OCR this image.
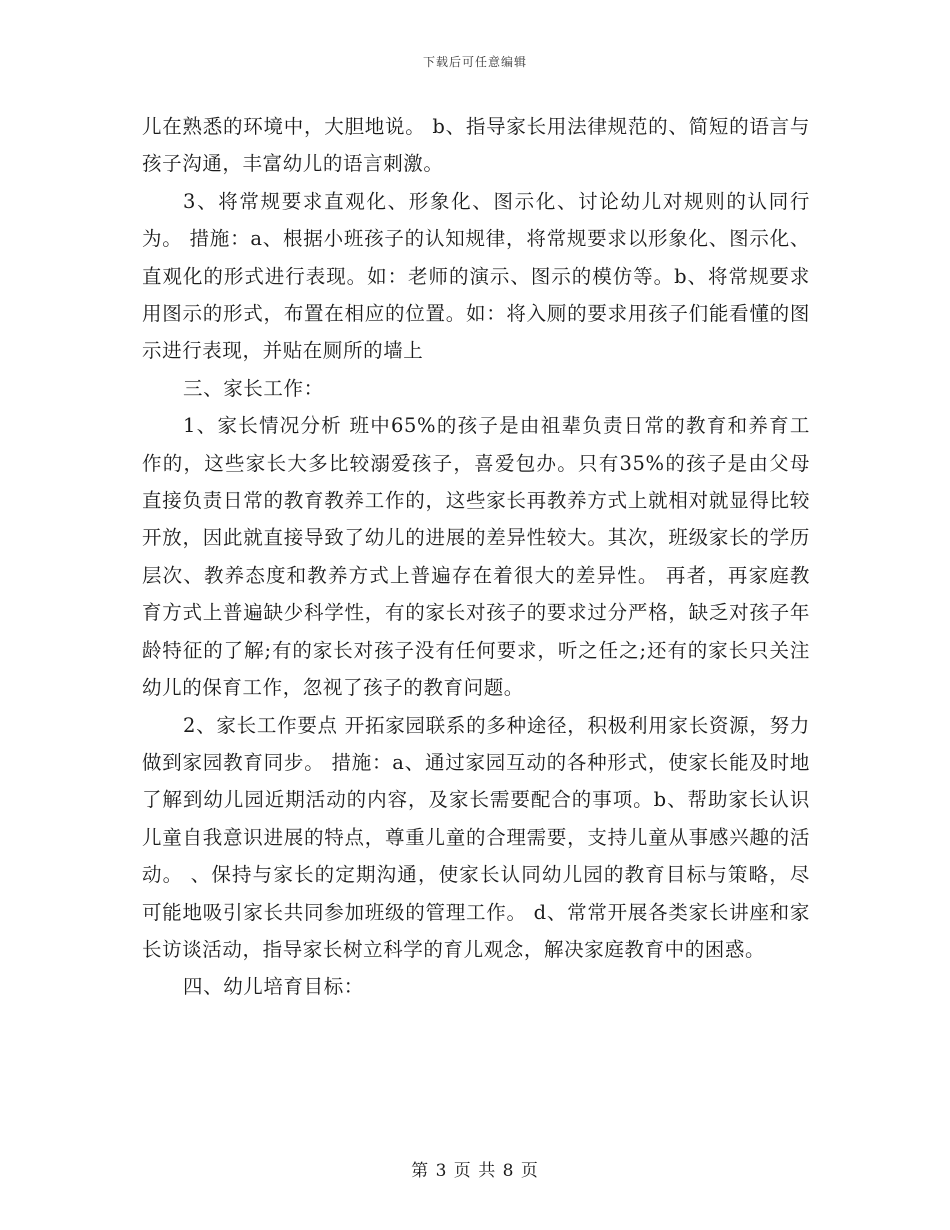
下载后可任意编辑

儿在熟悉的环境中，大胆地说。 b、指导家长用法律规范的、简短的语言与孩子沟通，丰富幼儿的语言刺激。

3、将常规要求直观化、形象化、图示化、讨论幼儿对规则的认同行为。 措施：a、根据小班孩子的认知规律，将常规要求以形象化、图示化、直观化的形式进行表现。如：老师的演示、图示的模仿等。b、将常规要求用图示的形式，布置在相应的位置。如：将入厕的要求用孩子们能看懂的图示进行表现，并贴在厕所的墙上

三、家长工作：

1、家长情况分析 班中65%的孩子是由祖辈负责日常的教育和养育工作的，这些家长大多比较溺爱孩子，喜爱包办。只有35%的孩子是由父母直接负责日常的教育教养工作的，这些家长再教养方式上就相对就显得比较开放，因此就直接导致了幼儿的进展的差异性较大。其次，班级家长的学历层次、教养态度和教养方式上普遍存在着很大的差异性。 再者，再家庭教育方式上普遍缺少科学性，有的家长对孩子的要求过分严格，缺乏对孩子年龄特征的了解;有的家长对孩子没有任何要求，听之任之;还有的家长只关注幼儿的保育工作，忽视了孩子的教育问题。

2、家长工作要点 开拓家园联系的多种途径，积极利用家长资源，努力做到家园教育同步。 措施：a、通过家园互动的各种形式，使家长能及时地了解到幼儿园近期活动的内容，及家长需要配合的事项。b、帮助家长认识儿童自我意识进展的特点，尊重儿童的合理需要，支持儿童从事感兴趣的活动。 、保持与家长的定期沟通，使家长认同幼儿园的教育目标与策略，尽可能地吸引家长共同参加班级的管理工作。 d、常常开展各类家长讲座和家长访谈活动，指导家长树立科学的育儿观念，解决家庭教育中的困惑。

四、幼儿培育目标：

第 3 页 共 8 页
